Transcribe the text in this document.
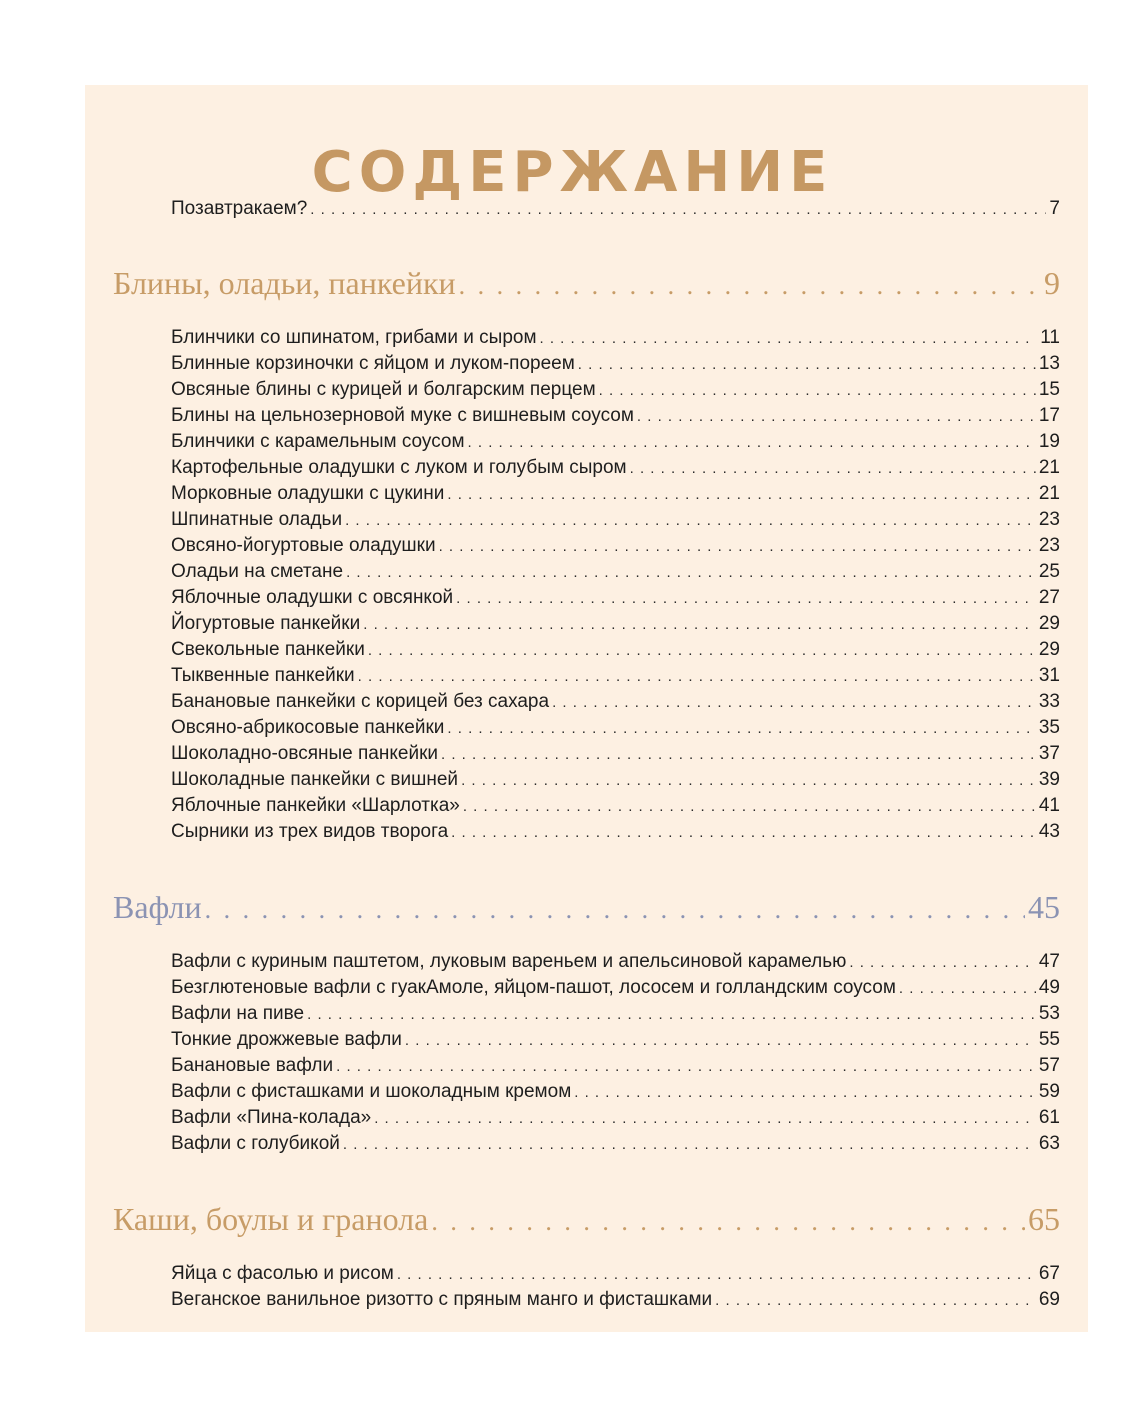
СОДЕРЖАНИЕ
Позавтракаем? . . .	7
Блины, оладьи, панкейки . . .	9
Блинчики со шпинатом, грибами и сыром . . .	11
Блинные корзиночки с яйцом и луком-пореем . . .	13
Овсяные блины с курицей и болгарским перцем . . .	15
Блины на цельнозерновой муке с вишневым соусом . . .	17
Блинчики с карамельным соусом . . .	19
Картофельные оладушки с луком и голубым сыром . . .	21
Морковные оладушки с цукини . . .	21
Шпинатные оладьи . . .	23
Овсяно-йогуртовые оладушки . . .	23
Оладьи на сметане . . .	25
Яблочные оладушки с овсянкой . . .	27
Йогуртовые панкейки . . .	29
Свекольные панкейки . . .	29
Тыквенные панкейки . . .	31
Банановые панкейки с корицей без сахара . . .	33
Овсяно-абрикосовые панкейки . . .	35
Шоколадно-овсяные панкейки . . .	37
Шоколадные панкейки с вишней . . .	39
Яблочные панкейки «Шарлотка» . . .	41
Сырники из трех видов творога . . .	43
Вафли . . .	45
Вафли с куриным паштетом, луковым вареньем и апельсиновой карамелью . . .	47
Безглютеновые вафли с гуакАмоле, яйцом-пашот, лососем и голландским соусом . . .	49
Вафли на пиве . . .	53
Тонкие дрожжевые вафли . . .	55
Банановые вафли . . .	57
Вафли с фисташками и шоколадным кремом . . .	59
Вафли «Пина-колада» . . .	61
Вафли с голубикой . . .	63
Каши, боулы и гранола . . .	65
Яйца с фасолью и рисом . . .	67
Веганское ванильное ризотто с пряным манго и фисташками . . .	69
